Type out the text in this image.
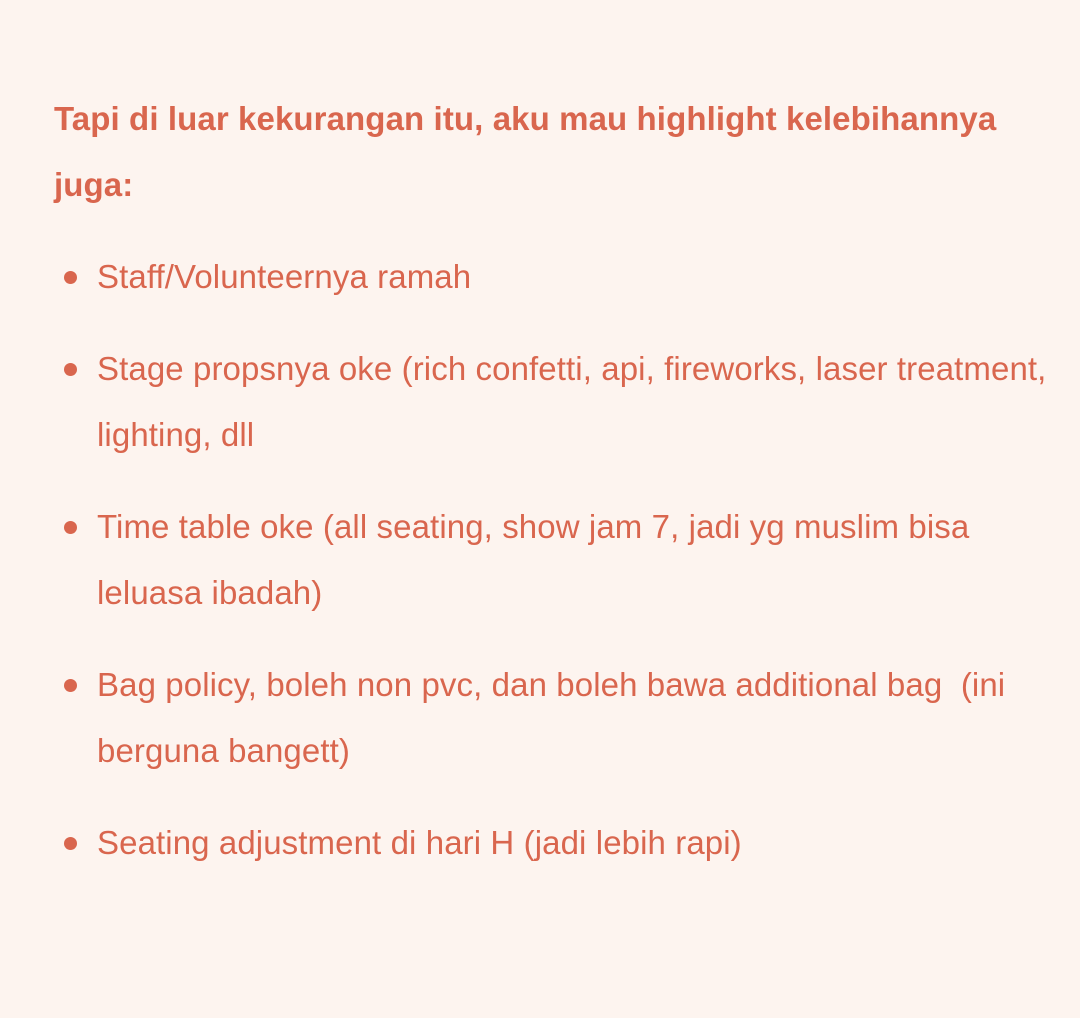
Tapi di luar kekurangan itu, aku mau highlight kelebihannya juga:

Staff/Volunteernya ramah
Stage propsnya oke (rich confetti, api, fireworks, laser treatment, lighting, dll
Time table oke (all seating, show jam 7, jadi yg muslim bisa leluasa ibadah)
Bag policy, boleh non pvc, dan boleh bawa additional bag  (ini berguna bangett)
Seating adjustment di hari H (jadi lebih rapi)
